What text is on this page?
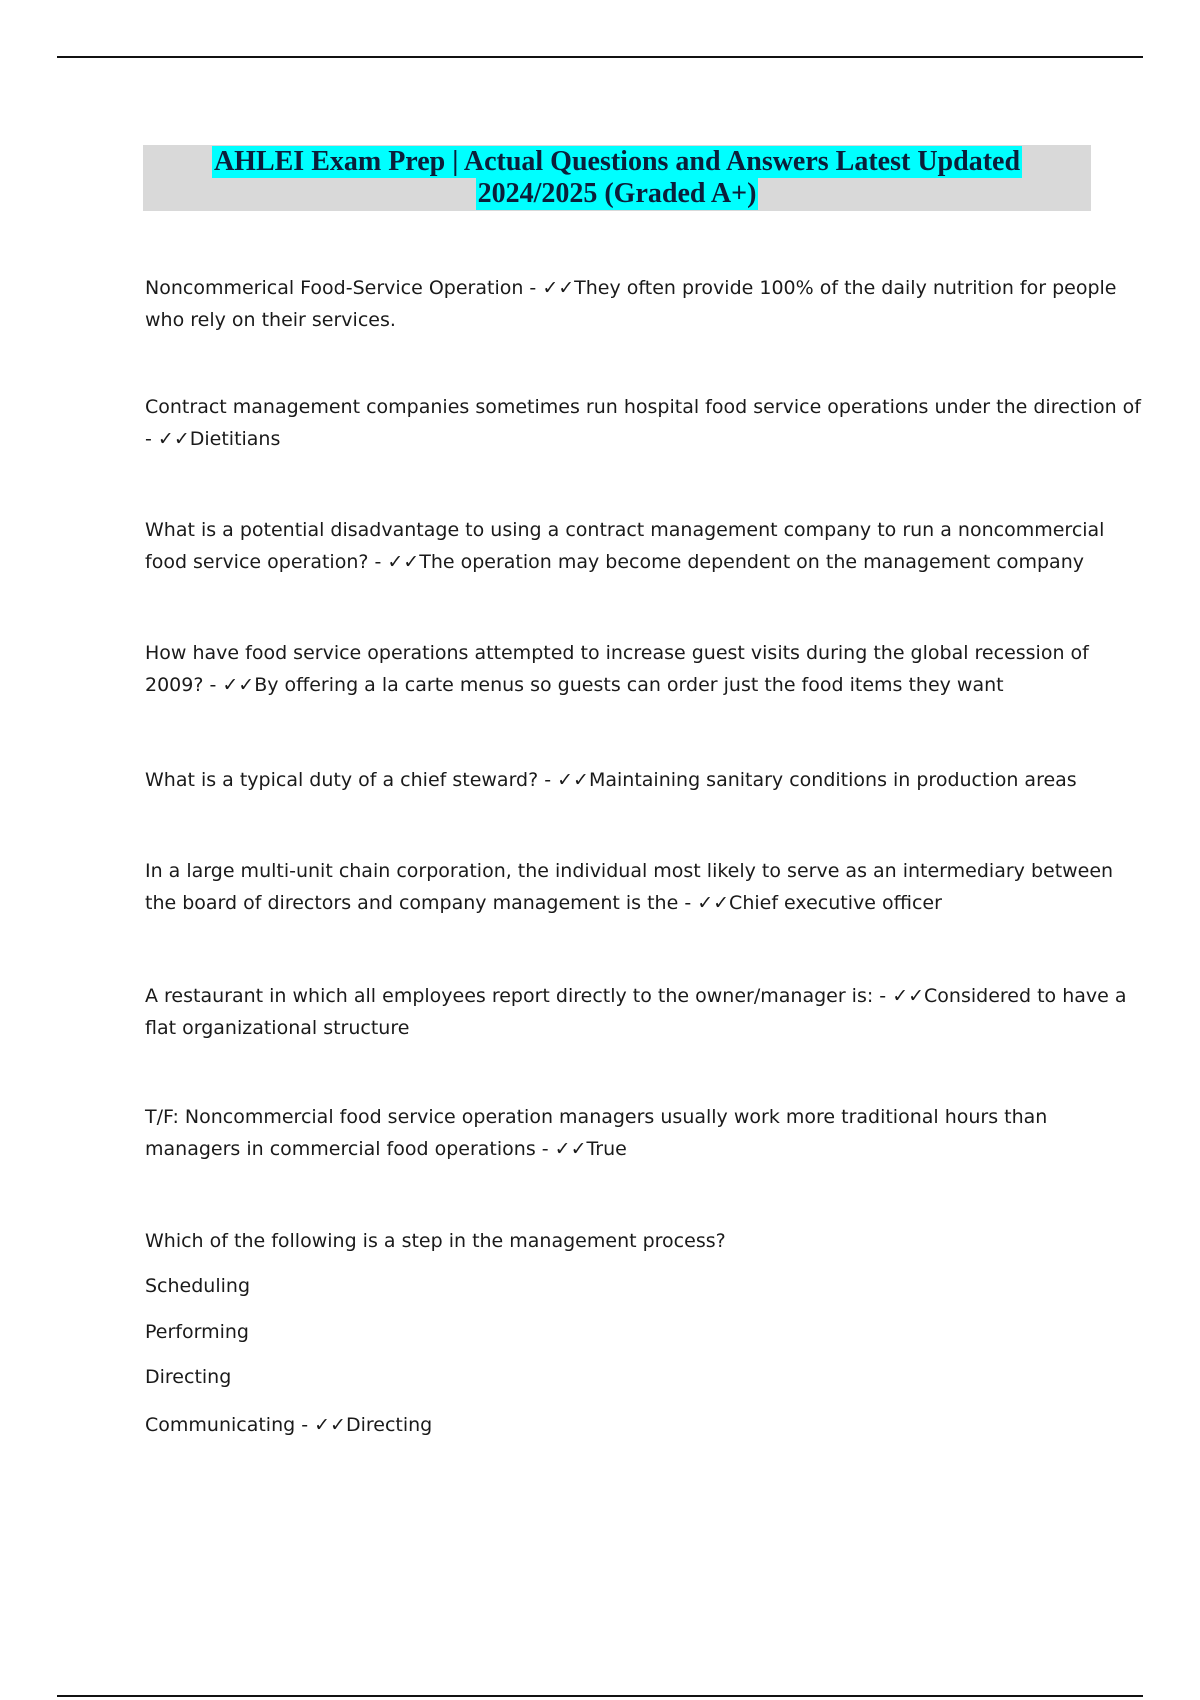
AHLEI Exam Prep | Actual Questions and Answers Latest Updated
2024/2025 (Graded A+)
Noncommerical Food-Service Operation - ✓✓They often provide 100% of the daily nutrition for people
who rely on their services.
Contract management companies sometimes run hospital food service operations under the direction of
- ✓✓Dietitians
What is a potential disadvantage to using a contract management company to run a noncommercial
food service operation? - ✓✓The operation may become dependent on the management company
How have food service operations attempted to increase guest visits during the global recession of
2009? - ✓✓By offering a la carte menus so guests can order just the food items they want
What is a typical duty of a chief steward? - ✓✓Maintaining sanitary conditions in production areas
In a large multi-unit chain corporation, the individual most likely to serve as an intermediary between
the board of directors and company management is the - ✓✓Chief executive officer
A restaurant in which all employees report directly to the owner/manager is: - ✓✓Considered to have a
flat organizational structure
T/F: Noncommercial food service operation managers usually work more traditional hours than
managers in commercial food operations - ✓✓True
Which of the following is a step in the management process?
Scheduling
Performing
Directing
Communicating - ✓✓Directing
